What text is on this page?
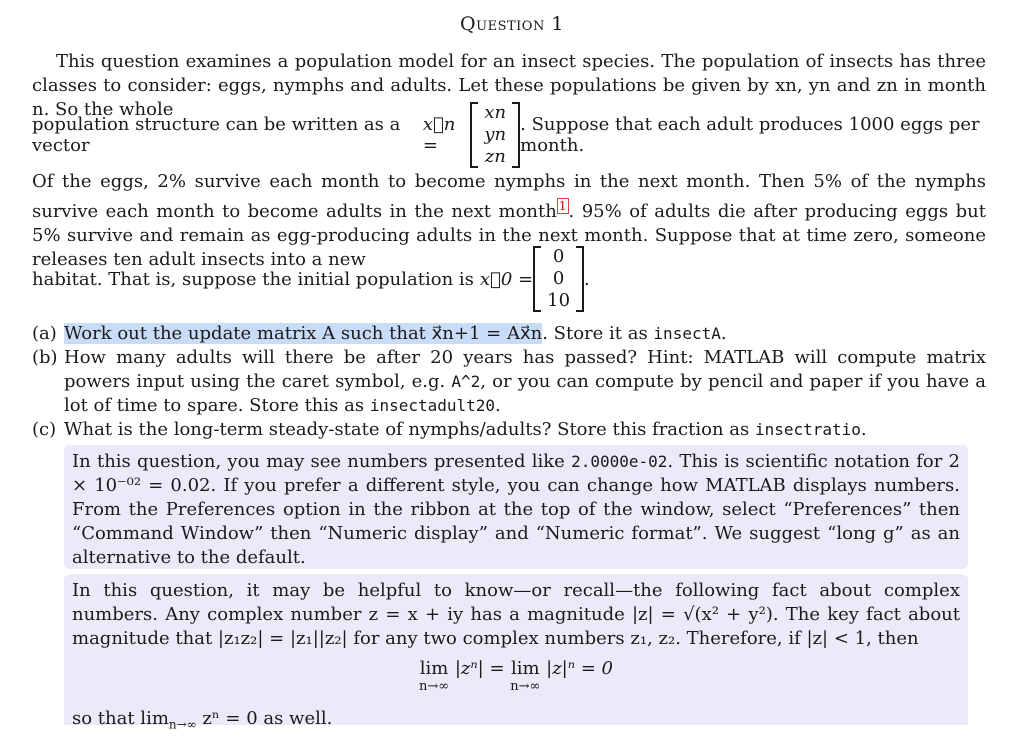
Question 1
This question examines a population model for an insect species. The population of insects has three classes to consider: eggs, nymphs and adults. Let these populations be given by xn, yn and zn in month n. So the whole
population structure can be written as a vector
x⃗n =
xn
yn
zn
. Suppose that each adult produces 1000 eggs per month.
Of the eggs, 2% survive each month to become nymphs in the next month. Then 5% of the nymphs survive each month to become adults in the next month $^1$ . 95% of adults die after producing eggs but 5% survive and remain as egg-producing adults in the next month. Suppose that at time zero, someone releases ten adult insects into a new
habitat. That is, suppose the initial population is x⃗0 =
0
0
10
.
(a) Work out the update matrix A such that x⃗n+1 = Ax⃗n. Store it as insectA.
(b) How many adults will there be after 20 years has passed? Hint: MATLAB will compute matrix powers input using the caret symbol, e.g. A^2, or you can compute by pencil and paper if you have a lot of time to spare. Store this as insectadult20.
(c) What is the long-term steady-state of nymphs/adults? Store this fraction as insectratio.
In this question, you may see numbers presented like 2.0000e-02. This is scientific notation for 2 × 10⁻⁰² = 0.02. If you prefer a different style, you can change how MATLAB displays numbers. From the Preferences option in the ribbon at the top of the window, select “Preferences” then “Command Window” then “Numeric display” and “Numeric format”. We suggest “long g” as an alternative to the default.
In this question, it may be helpful to know—or recall—the following fact about complex numbers. Any complex number z = x + iy has a magnitude |z| = √(x² + y²). The key fact about magnitude that |z₁z₂| = |z₁||z₂| for any two complex numbers z₁, z₂. Therefore, if |z| < 1, then
lim
n→∞
|zⁿ| = lim
n→∞
|z|ⁿ = 0
so that $\lim_{n\to\infty} z^n = 0$ as well.
